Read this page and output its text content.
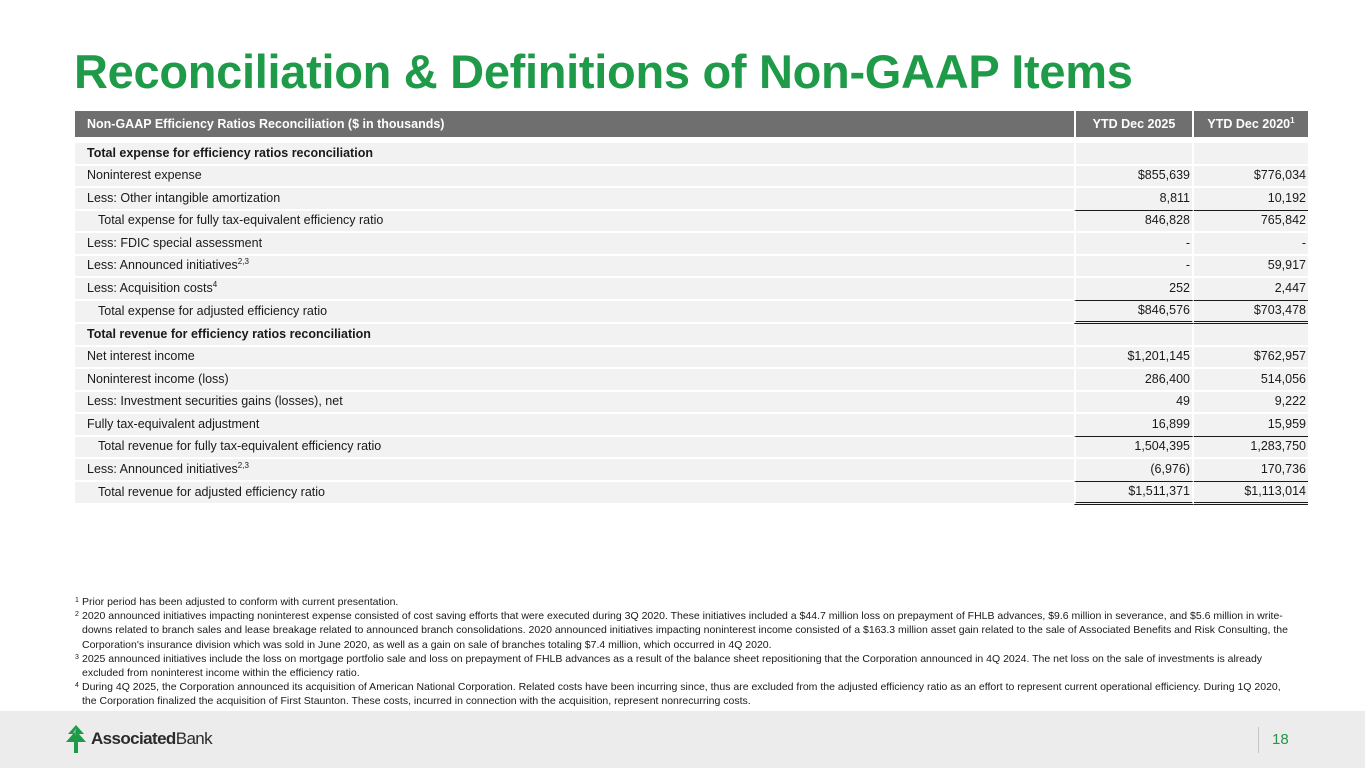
Reconciliation & Definitions of Non-GAAP Items
Non-GAAP Efficiency Ratios Reconciliation ($ in thousands)	YTD Dec 2025	YTD Dec 2020$^1$

Total expense for efficiency ratios reconciliation		
Noninterest expense	$855,639	$776,034
Less: Other intangible amortization	8,811	10,192
Total expense for fully tax-equivalent efficiency ratio	846,828	765,842
Less: FDIC special assessment	-	-
Less: Announced initiatives$^{2,3}$	-	59,917
Less: Acquisition costs$^4$	252	2,447
Total expense for adjusted efficiency ratio	$846,576	$703,478
Total revenue for efficiency ratios reconciliation		
Net interest income	$1,201,145	$762,957
Noninterest income (loss)	286,400	514,056
Less: Investment securities gains (losses), net	49	9,222
Fully tax-equivalent adjustment	16,899	15,959
Total revenue for fully tax-equivalent efficiency ratio	1,504,395	1,283,750
Less: Announced initiatives$^{2,3}$	(6,976)	170,736
Total revenue for adjusted efficiency ratio	$1,511,371	$1,113,014
1 Prior period has been adjusted to conform with current presentation.
2 2020 announced initiatives impacting noninterest expense consisted of cost saving efforts that were executed during 3Q 2020. These initiatives included a $44.7 million loss on prepayment of FHLB advances, $9.6 million in severance, and $5.6 million in write-downs related to branch sales and lease breakage related to announced branch consolidations. 2020 announced initiatives impacting noninterest income consisted of a $163.3 million asset gain related to the sale of Associated Benefits and Risk Consulting, the Corporation's insurance division which was sold in June 2020, as well as a gain on sale of branches totaling $7.4 million, which occurred in 4Q 2020.
3 2025 announced initiatives include the loss on mortgage portfolio sale and loss on prepayment of FHLB advances as a result of the balance sheet repositioning that the Corporation announced in 4Q 2024. The net loss on the sale of investments is already excluded from noninterest income within the efficiency ratio.
4 During 4Q 2025, the Corporation announced its acquisition of American National Corporation. Related costs have been incurring since, thus are excluded from the adjusted efficiency ratio as an effort to represent current operational efficiency. During 1Q 2020, the Corporation finalized the acquisition of First Staunton. These costs, incurred in connection with the acquisition, represent nonrecurring costs.
AssociatedBank	18
